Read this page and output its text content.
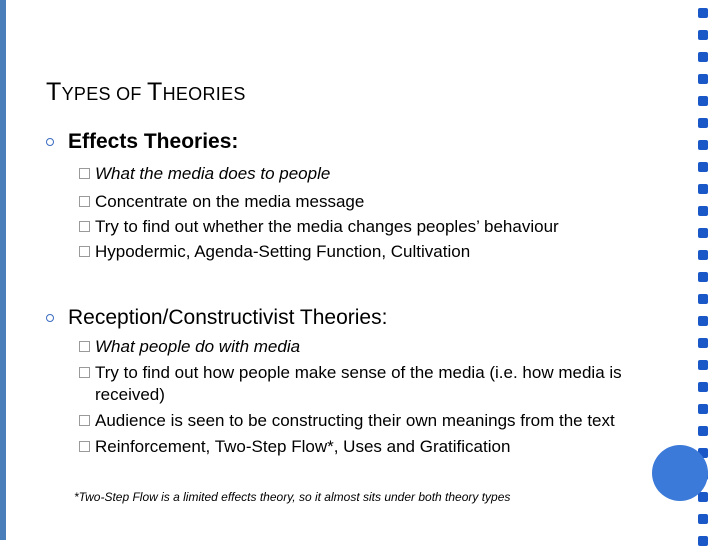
TYPES OF THEORIES
Effects Theories:
What the media does to people
Concentrate on the media message
Try to find out whether the media changes peoples’ behaviour
Hypodermic, Agenda-Setting Function, Cultivation
Reception/Constructivist Theories:
What people do with media
Try to find out how people make sense of the media (i.e. how media is received)
Audience is seen to be constructing their own meanings from the text
Reinforcement, Two-Step Flow*, Uses and Gratification
*Two-Step Flow is a limited effects theory, so it almost sits under both theory types
